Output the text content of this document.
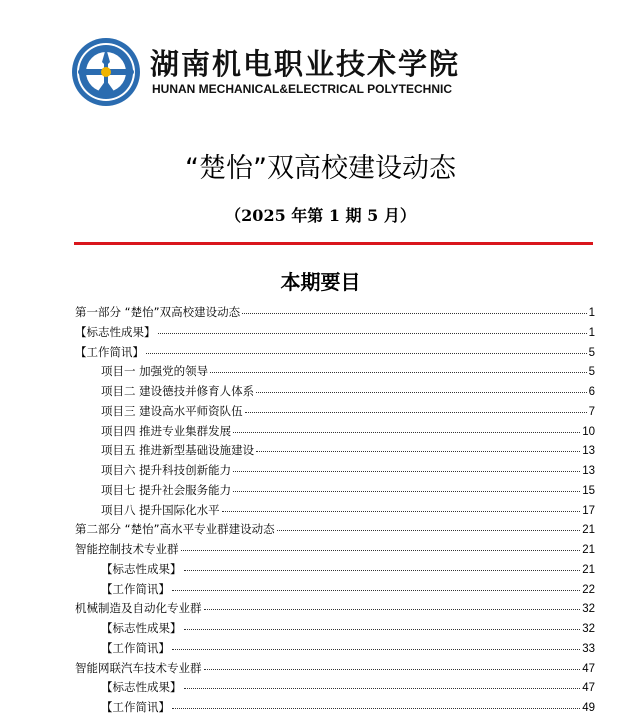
湖南机电职业技术学院
HUNAN MECHANICAL&ELECTRICAL POLYTECHNIC
“楚怡”双高校建设动态
（2025 年第 1 期 5 月）
本期要目
第一部分 “楚怡”双高校建设动态	1
【标志性成果】	1
【工作简讯】	5
项目一 加强党的领导	5
项目二 建设德技并修育人体系	6
项目三 建设高水平师资队伍	7
项目四 推进专业集群发展	10
项目五 推进新型基础设施建设	13
项目六 提升科技创新能力	13
项目七 提升社会服务能力	15
项目八 提升国际化水平	17
第二部分 “楚怡”高水平专业群建设动态	21
智能控制技术专业群	21
【标志性成果】	21
【工作简讯】	22
机械制造及自动化专业群	32
【标志性成果】	32
【工作简讯】	33
智能网联汽车技术专业群	47
【标志性成果】	47
【工作简讯】	49
